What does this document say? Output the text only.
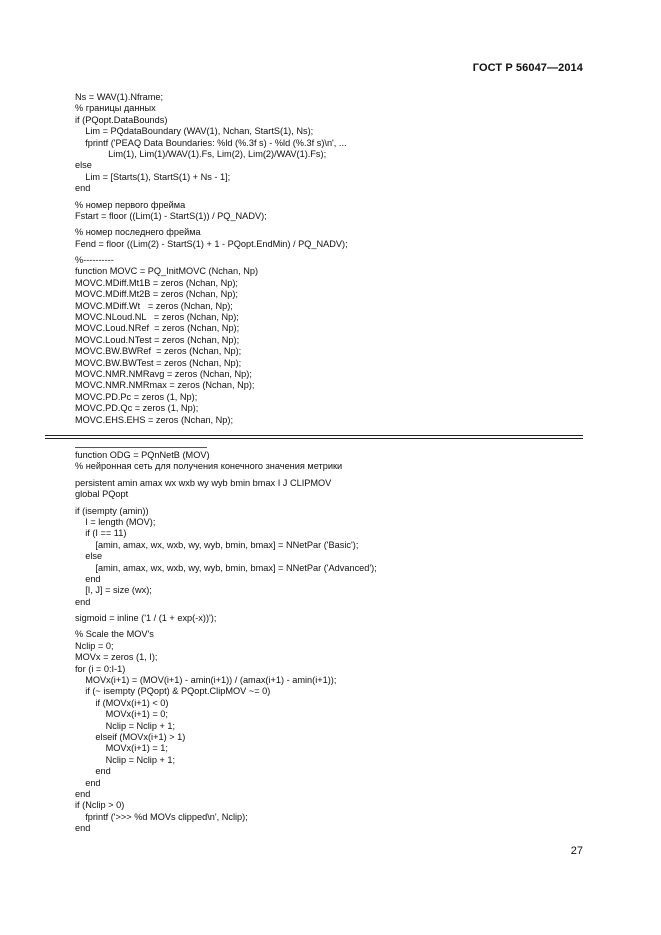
ГОСТ Р 56047—2014
Ns = WAV(1).Nframe;
% границы данных
if (PQopt.DataBounds)
Lim = PQdataBoundary (WAV(1), Nchan, StartS(1), Ns);
fprintf ('PEAQ Data Boundaries: %ld (%.3f s) - %ld (%.3f s)\n', ...
Lim(1), Lim(1)/WAV(1).Fs, Lim(2), Lim(2)/WAV(1).Fs);
else
Lim = [Starts(1), StartS(1) + Ns - 1];
end
% номер первого фрейма
Fstart = floor ((Lim(1) - StartS(1)) / PQ_NADV);
% номер последнего фрейма
Fend = floor ((Lim(2) - StartS(1) + 1 - PQopt.EndMin) / PQ_NADV);
%----------
function MOVC = PQ_InitMOVC (Nchan, Np)
MOVC.MDiff.Mt1B = zeros (Nchan, Np);
MOVC.MDiff.Mt2B = zeros (Nchan, Np);
MOVC.MDiff.Wt   = zeros (Nchan, Np);
MOVC.NLoud.NL   = zeros (Nchan, Np);
MOVC.Loud.NRef  = zeros (Nchan, Np);
MOVC.Loud.NTest = zeros (Nchan, Np);
MOVC.BW.BWRef  = zeros (Nchan, Np);
MOVC.BW.BWTest = zeros (Nchan, Np);
MOVC.NMR.NMRavg = zeros (Nchan, Np);
MOVC.NMR.NMRmax = zeros (Nchan, Np);
MOVC.PD.Pc = zeros (1, Np);
MOVC.PD.Qc = zeros (1, Np);
MOVC.EHS.EHS = zeros (Nchan, Np);
function ODG = PQnNetB (MOV)
% нейронная сеть для получения конечного значения метрики
persistent amin amax wx wxb wy wyb bmin bmax I J CLIPMOV
global PQopt
if (isempty (amin))
I = length (MOV);
if (I == 11)
[amin, amax, wx, wxb, wy, wyb, bmin, bmax] = NNetPar ('Basic');
else
[amin, amax, wx, wxb, wy, wyb, bmin, bmax] = NNetPar ('Advanced');
end
[I, J] = size (wx);
end
sigmoid = inline ('1 / (1 + exp(-x))');
% Scale the MOV's
Nclip = 0;
MOVx = zeros (1, I);
for (i = 0:I-1)
MOVx(i+1) = (MOV(i+1) - amin(i+1)) / (amax(i+1) - amin(i+1));
if (~ isempty (PQopt) & PQopt.ClipMOV ~= 0)
if (MOVx(i+1) < 0)
MOVx(i+1) = 0;
Nclip = Nclip + 1;
elseif (MOVx(i+1) > 1)
MOVx(i+1) = 1;
Nclip = Nclip + 1;
end
end
end
if (Nclip > 0)
fprintf ('>>> %d MOVs clipped\n', Nclip);
end
27
